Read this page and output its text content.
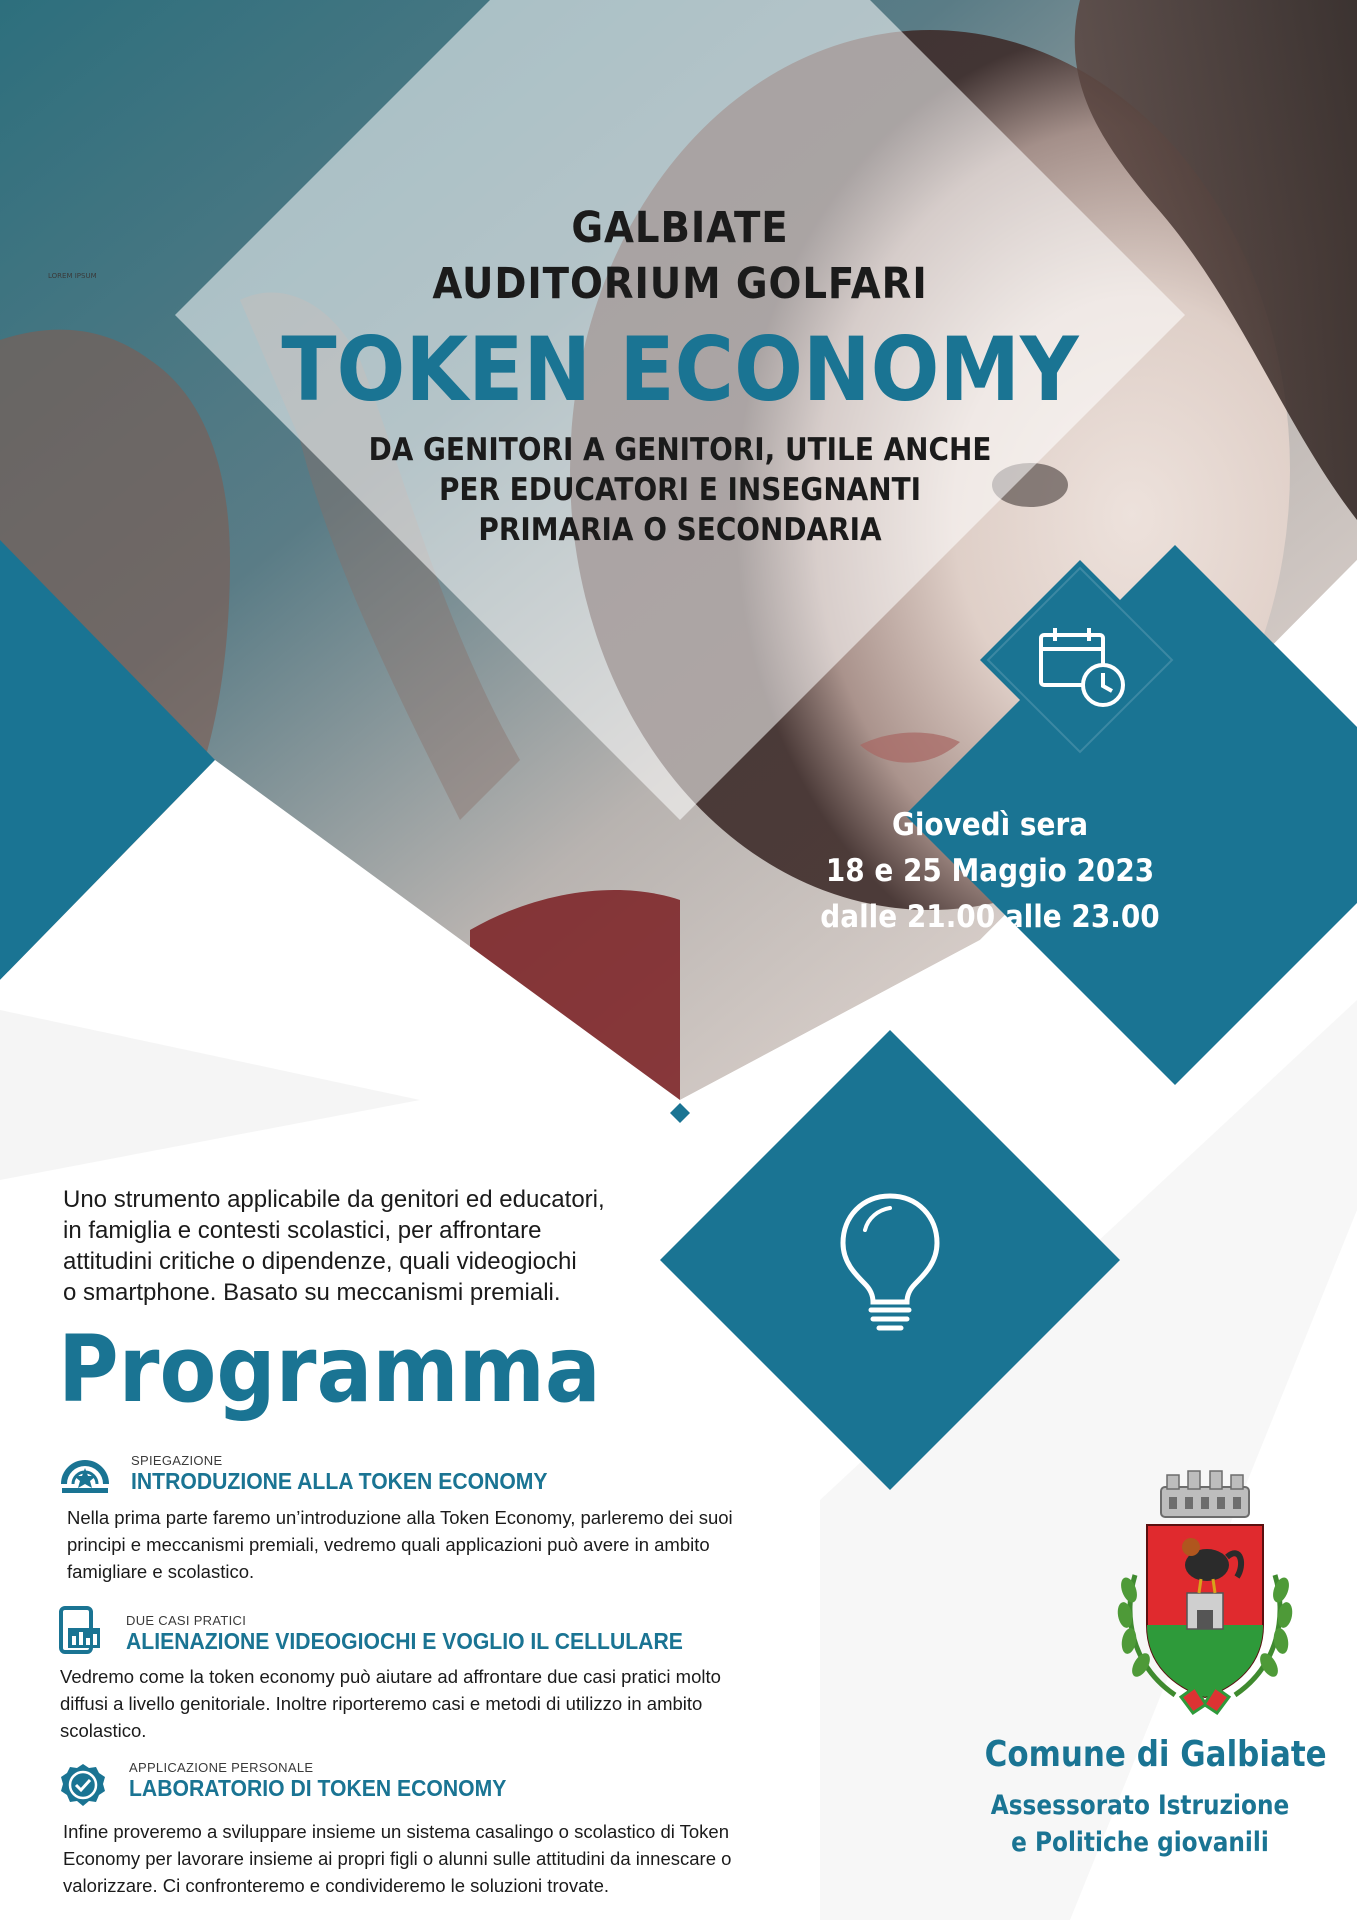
LOREM IPSUM

GALBIATE

AUDITORIUM GOLFARI

TOKEN ECONOMY

DA GENITORI A GENITORI, UTILE ANCHE

PER EDUCATORI E INSEGNANTI

PRIMARIA O SECONDARIA

Giovedì sera
18 e 25 Maggio 2023
dalle 21.00 alle 23.00
Uno strumento applicabile da genitori ed educatori,
in famiglia e contesti scolastici, per affrontare
attitudini critiche o dipendenze, quali videogiochi
o smartphone. Basato su meccanismi premiali.
Programma
SPIEGAZIONE
INTRODUZIONE ALLA TOKEN ECONOMY
Nella prima parte faremo un’introduzione alla Token Economy, parleremo dei suoi
principi e meccanismi premiali, vedremo quali applicazioni può avere in ambito
famigliare e scolastico.
DUE CASI PRATICI
ALIENAZIONE VIDEOGIOCHI E VOGLIO IL CELLULARE
Vedremo come la token economy può aiutare ad affrontare due casi pratici molto
diffusi a livello genitoriale. Inoltre riporteremo casi e metodi di utilizzo in ambito
scolastico.
APPLICAZIONE PERSONALE
LABORATORIO DI TOKEN ECONOMY
Infine proveremo a sviluppare insieme un sistema casalingo o scolastico di Token
Economy per lavorare insieme ai propri figli o alunni sulle attitudini da innescare o
valorizzare. Ci confronteremo e condivideremo le soluzioni trovate.
Comune di Galbiate
Assessorato Istruzione
e Politiche giovanili
